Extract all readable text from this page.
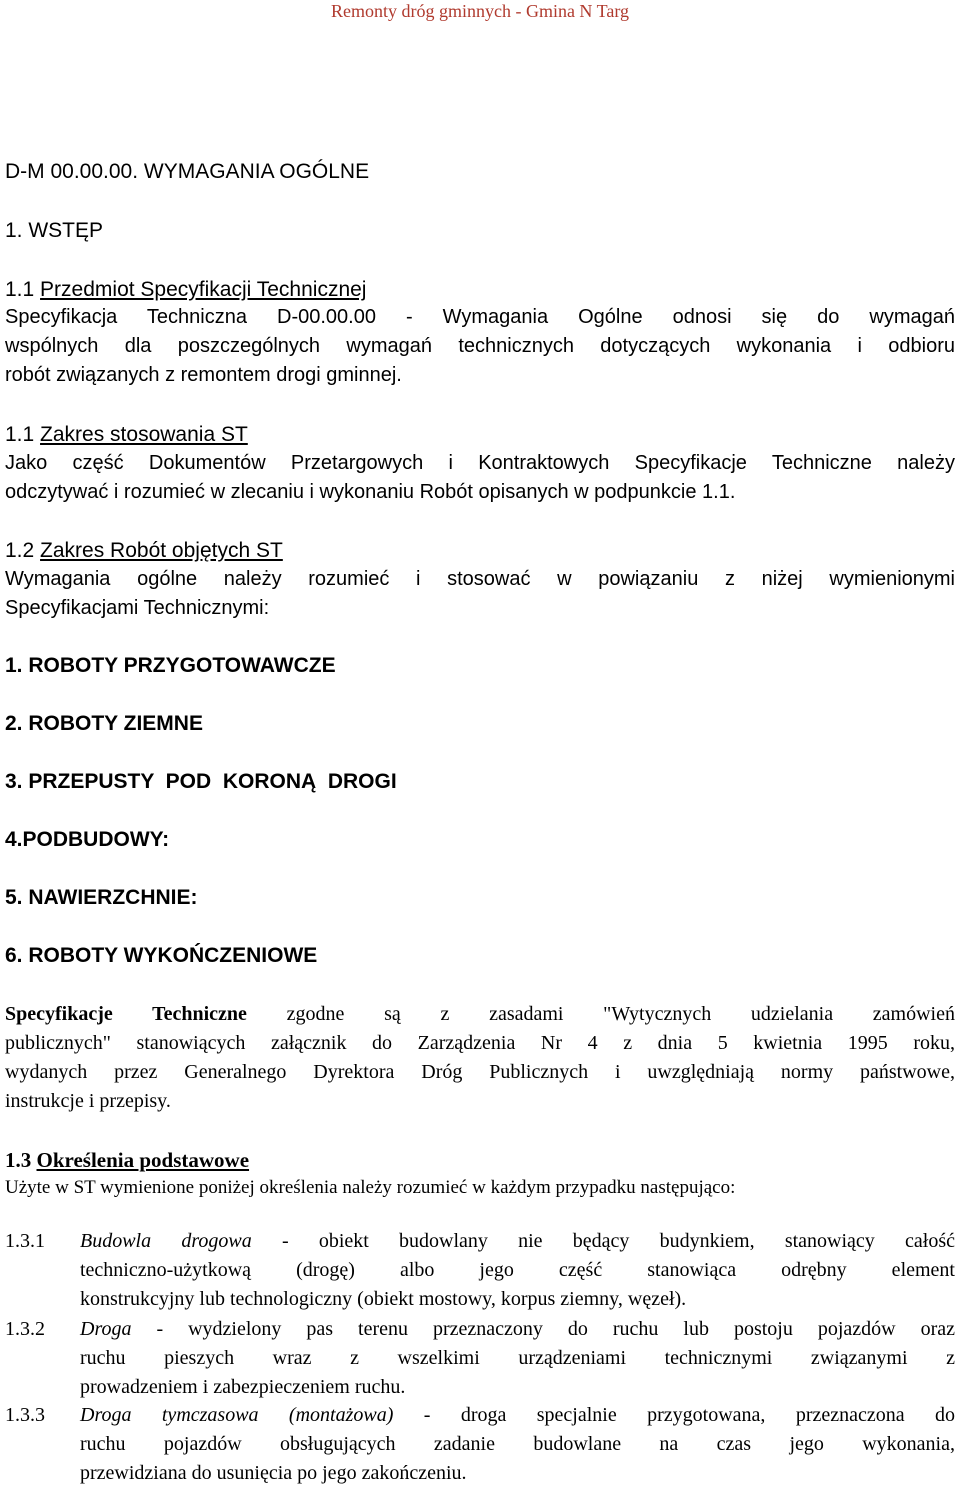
Remonty dróg gminnych - Gmina N Targ
D-M 00.00.00. WYMAGANIA OGÓLNE
1. WSTĘP
1.1 Przedmiot Specyfikacji Technicznej
Specyfikacja Techniczna D-00.00.00 - Wymagania Ogólne odnosi się do wymagań
wspólnych dla poszczególnych wymagań technicznych dotyczących wykonania i odbioru
robót związanych z remontem drogi gminnej.
1.1 Zakres stosowania ST
Jako część Dokumentów Przetargowych i Kontraktowych Specyfikacje Techniczne należy
odczytywać i rozumieć w zlecaniu i wykonaniu Robót opisanych w podpunkcie 1.1.
1.2 Zakres Robót objętych ST
Wymagania ogólne należy rozumieć i stosować w powiązaniu z niżej wymienionymi
Specyfikacjami Technicznymi:
1. ROBOTY PRZYGOTOWAWCZE
2. ROBOTY ZIEMNE
3. PRZEPUSTY  POD  KORONĄ  DROGI
4.PODBUDOWY:
5. NAWIERZCHNIE:
6. ROBOTY WYKOŃCZENIOWE
Specyfikacje Techniczne zgodne są z zasadami "Wytycznych udzielania zamówień
publicznych" stanowiących załącznik do Zarządzenia Nr 4 z dnia 5 kwietnia 1995 roku,
wydanych przez Generalnego Dyrektora Dróg Publicznych i uwzględniają normy państwowe,
instrukcje i przepisy.
1.3 Określenia podstawowe
Użyte w ST wymienione poniżej określenia należy rozumieć w każdym przypadku następująco:
1.3.1	Budowla drogowa - obiekt budowlany nie będący budynkiem, stanowiący całość
techniczno-użytkową (drogę) albo jego część stanowiąca odrębny element
konstrukcyjny lub technologiczny (obiekt mostowy, korpus ziemny, węzeł).
1.3.2	Droga - wydzielony pas terenu przeznaczony do ruchu lub postoju pojazdów oraz
ruchu pieszych wraz z wszelkimi urządzeniami technicznymi związanymi z
prowadzeniem i zabezpieczeniem ruchu.
1.3.3	Droga tymczasowa (montażowa) - droga specjalnie przygotowana, przeznaczona do
ruchu pojazdów obsługujących zadanie budowlane na czas jego wykonania,
przewidziana do usunięcia po jego zakończeniu.
